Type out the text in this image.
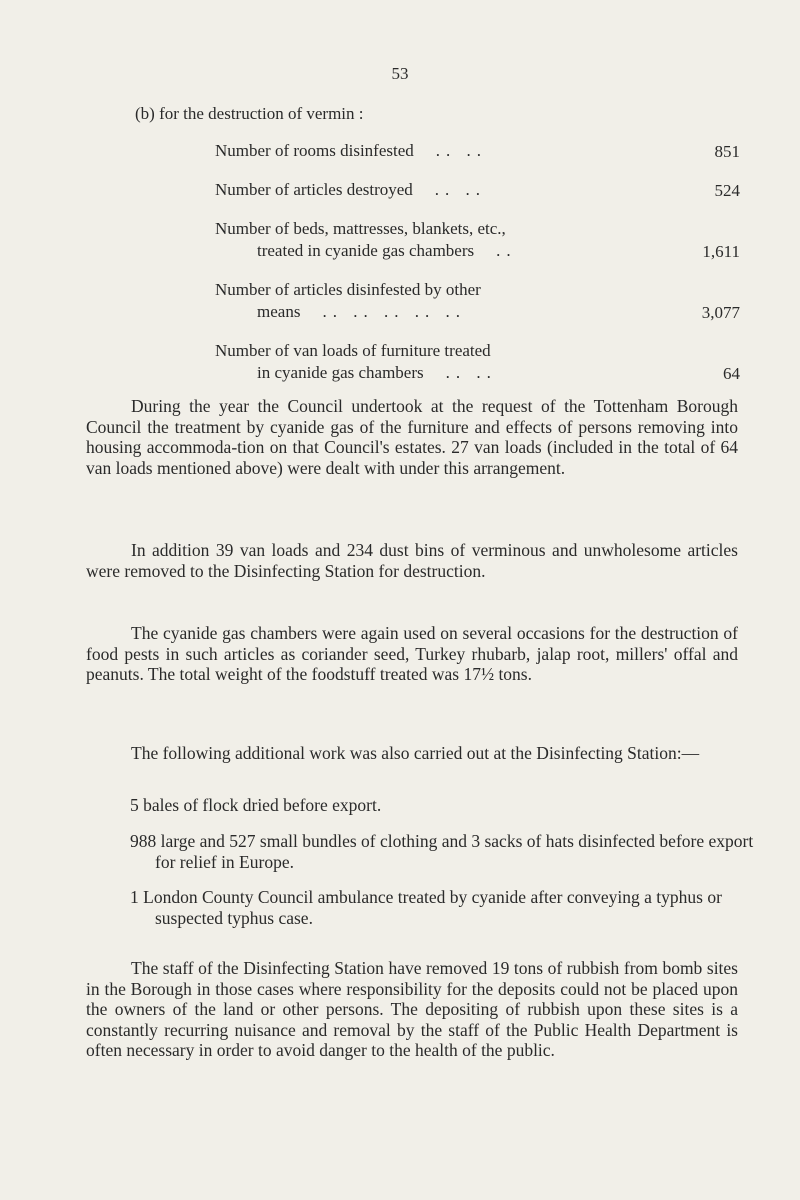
53
(b) for the destruction of vermin :
Number of rooms disinfested .. ..	851
Number of articles destroyed .. ..	524
Number of beds, mattresses, blankets, etc.,
treated in cyanide gas chambers ..	1,611
Number of articles disinfested by other
means .. .. .. .. ..	3,077
Number of van loads of furniture treated
in cyanide gas chambers .. ..	64

During the year the Council undertook at the request of the Tottenham Borough Council the treatment by cyanide gas of the furniture and effects of persons removing into housing accommoda-tion on that Council's estates. 27 van loads (included in the total of 64 van loads mentioned above) were dealt with under this arrangement.

In addition 39 van loads and 234 dust bins of verminous and unwholesome articles were removed to the Disinfecting Station for destruction.

The cyanide gas chambers were again used on several occasions for the destruction of food pests in such articles as coriander seed, Turkey rhubarb, jalap root, millers' offal and peanuts. The total weight of the foodstuff treated was 17½ tons.

The following additional work was also carried out at the Disinfecting Station:—

5 bales of flock dried before export.

988 large and 527 small bundles of clothing and 3 sacks of hats disinfected before export for relief in Europe.

1 London County Council ambulance treated by cyanide after conveying a typhus or suspected typhus case.

The staff of the Disinfecting Station have removed 19 tons of rubbish from bomb sites in the Borough in those cases where responsibility for the deposits could not be placed upon the owners of the land or other persons. The depositing of rubbish upon these sites is a constantly recurring nuisance and removal by the staff of the Public Health Department is often necessary in order to avoid danger to the health of the public.
